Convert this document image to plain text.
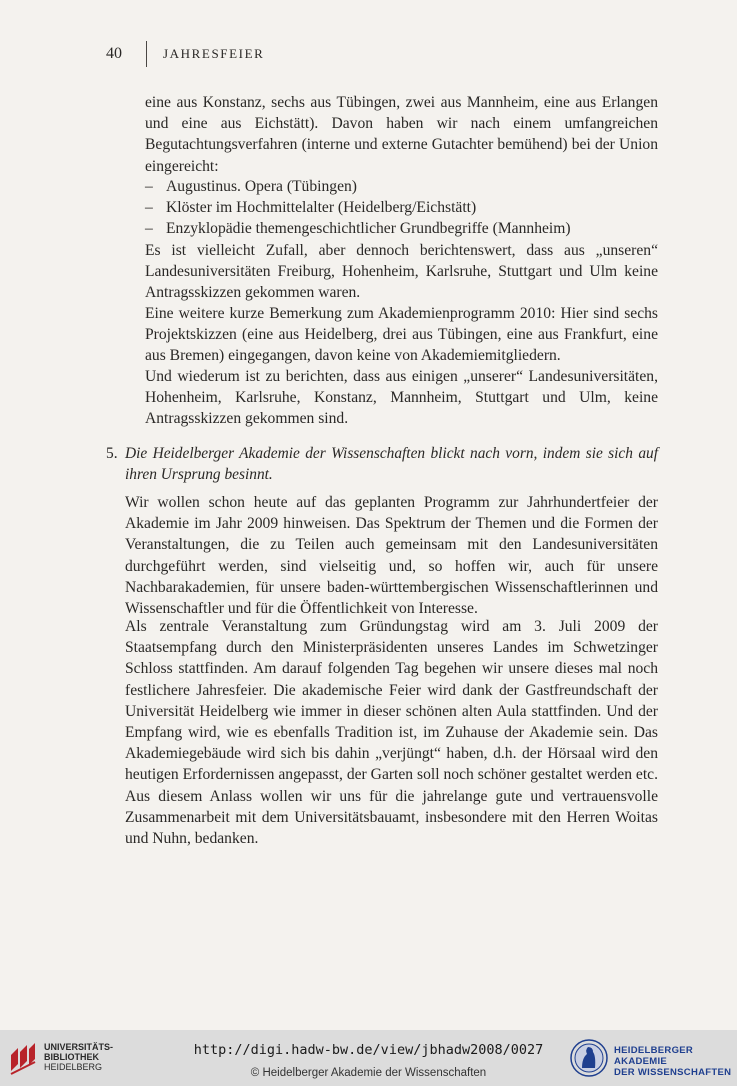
40	JAHRESFEIER

eine aus Konstanz, sechs aus Tübingen, zwei aus Mannheim, eine aus Erlangen und eine aus Eichstätt). Davon haben wir nach einem umfangreichen Begutachtungsverfahren (interne und externe Gutachter bemühend) bei der Union eingereicht:

– Augustinus. Opera (Tübingen)
– Klöster im Hochmittelalter (Heidelberg/Eichstätt)
– Enzyklopädie themengeschichtlicher Grundbegriffe (Mannheim)

Es ist vielleicht Zufall, aber dennoch berichtenswert, dass aus „unseren“ Landesuniversitäten Freiburg, Hohenheim, Karlsruhe, Stuttgart und Ulm keine Antragsskizzen gekommen waren.

Eine weitere kurze Bemerkung zum Akademienprogramm 2010: Hier sind sechs Projektskizzen (eine aus Heidelberg, drei aus Tübingen, eine aus Frankfurt, eine aus Bremen) eingegangen, davon keine von Akademiemitgliedern.

Und wiederum ist zu berichten, dass aus einigen „unserer“ Landesuniversitäten, Hohenheim, Karlsruhe, Konstanz, Mannheim, Stuttgart und Ulm, keine Antragsskizzen gekommen sind.

5. Die Heidelberger Akademie der Wissenschaften blickt nach vorn, indem sie sich auf ihren Ursprung besinnt.

Wir wollen schon heute auf das geplanten Programm zur Jahrhundertfeier der Akademie im Jahr 2009 hinweisen. Das Spektrum der Themen und die Formen der Veranstaltungen, die zu Teilen auch gemeinsam mit den Landesuniversitäten durchgeführt werden, sind vielseitig und, so hoffen wir, auch für unsere Nachbarakademien, für unsere baden-württembergischen Wissenschaftlerinnen und Wissenschaftler und für die Öffentlichkeit von Interesse.

Als zentrale Veranstaltung zum Gründungstag wird am 3. Juli 2009 der Staatsempfang durch den Ministerpräsidenten unseres Landes im Schwetzinger Schloss stattfinden. Am darauf folgenden Tag begehen wir unsere dieses mal noch festlichere Jahresfeier. Die akademische Feier wird dank der Gastfreundschaft der Universität Heidelberg wie immer in dieser schönen alten Aula stattfinden. Und der Empfang wird, wie es ebenfalls Tradition ist, im Zuhause der Akademie sein. Das Akademiegebäude wird sich bis dahin „verjüngt“ haben, d.h. der Hörsaal wird den heutigen Erfordernissen angepasst, der Garten soll noch schöner gestaltet werden etc. Aus diesem Anlass wollen wir uns für die jahrelange gute und vertrauensvolle Zusammenarbeit mit dem Universitätsbauamt, insbesondere mit den Herren Woitas und Nuhn, bedanken.

UNIVERSITÄTS-
BIBLIOTHEK
HEIDELBERG
http://digi.hadw-bw.de/view/jbhadw2008/0027
© Heidelberger Akademie der Wissenschaften
HEIDELBERGER AKADEMIE
DER WISSENSCHAFTEN
